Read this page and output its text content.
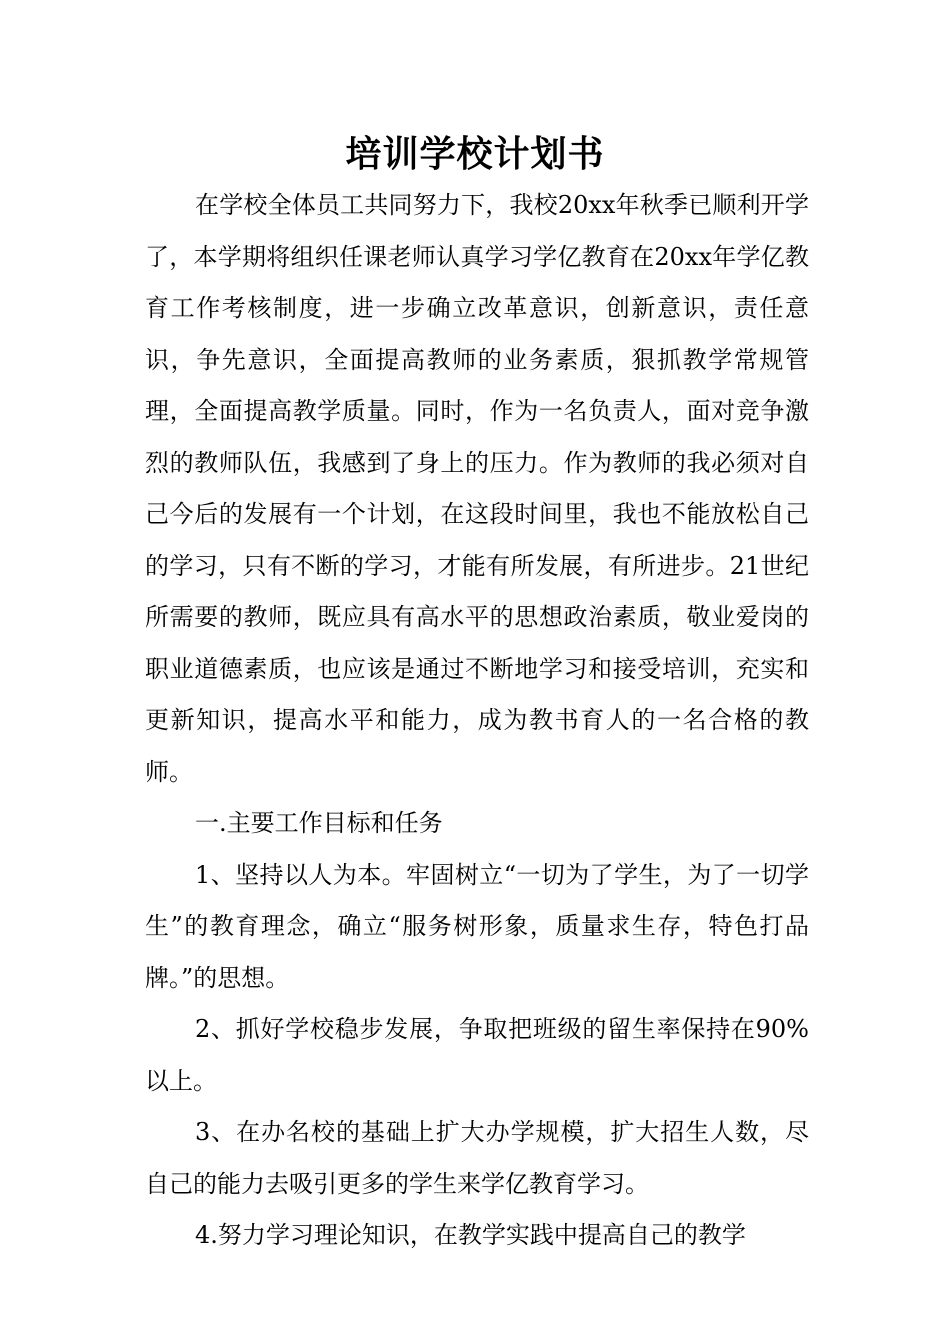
培训学校计划书

在学校全体员工共同努力下，我校20xx年秋季已顺利开学了，本学期将组织任课老师认真学习学亿教育在20xx年学亿教育工作考核制度，进一步确立改革意识，创新意识，责任意识，争先意识，全面提高教师的业务素质，狠抓教学常规管理，全面提高教学质量。同时，作为一名负责人，面对竞争激烈的教师队伍，我感到了身上的压力。作为教师的我必须对自己今后的发展有一个计划，在这段时间里，我也不能放松自己的学习，只有不断的学习，才能有所发展，有所进步。21世纪所需要的教师，既应具有高水平的思想政治素质，敬业爱岗的职业道德素质，也应该是通过不断地学习和接受培训，充实和更新知识，提高水平和能力，成为教书育人的一名合格的教师。

一.主要工作目标和任务

1、坚持以人为本。牢固树立“一切为了学生，为了一切学生”的教育理念，确立“服务树形象，质量求生存，特色打品牌。”的思想。

2、抓好学校稳步发展，争取把班级的留生率保持在90%以上。

3、在办名校的基础上扩大办学规模，扩大招生人数，尽自己的能力去吸引更多的学生来学亿教育学习。

4.努力学习理论知识，在教学实践中提高自己的教学
